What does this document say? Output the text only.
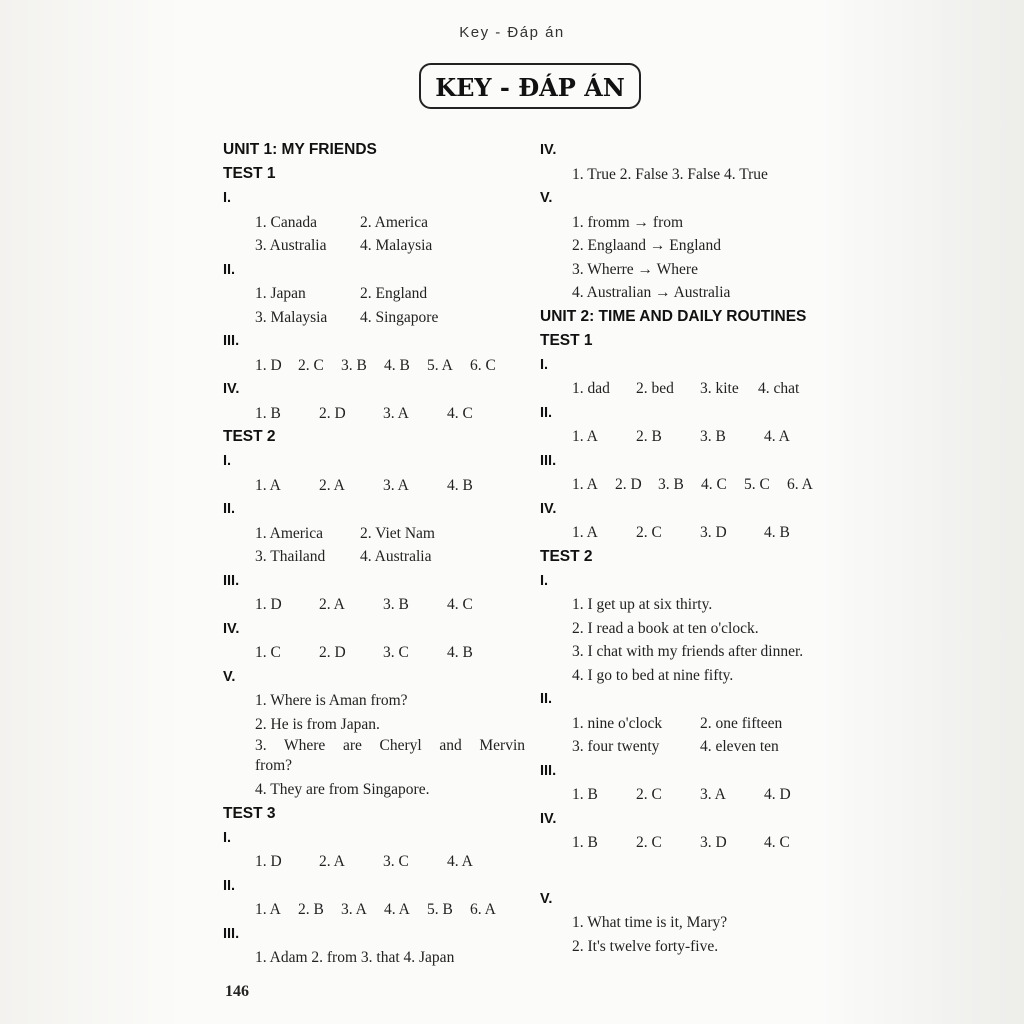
Key - Đáp án
KEY - ĐÁP ÁN
UNIT 1: MY FRIENDS
TEST 1
I.
1. Canada	2. America
3. Australia 4. Malaysia
II.
1. Japan	2. England
3. Malaysia 4. Singapore
III.
1. D 2. C 3. B 4. B 5. A 6. C
IV.
1. B 2. D 3. A 4. C
TEST 2
I.
1. A 2. A 3. A 4. B
II.
1. America 2. Viet Nam
3. Thailand 4. Australia
III.
1. D 2. A 3. B 4. C
IV.
1. C 2. D 3. C 4. B
V.
1. Where is Aman from?
2. He is from Japan.
3. Where are Cheryl and Mervin from?
4. They are from Singapore.
TEST 3
I.
1. D 2. A 3. C 4. A
II.
1. A 2. B 3. A 4. A 5. B 6. A
III.
1. Adam 2. from 3. that 4. Japan
IV.
1. True 2. False 3. False 4. True
V.
1. fromm → from
2. Englaand → England
3. Wherre → Where
4. Australian → Australia
UNIT 2: TIME AND DAILY ROUTINES
TEST 1
I.
1. dad 2. bed 3. kite 4. chat
II.
1. A 2. B 3. B 4. A
III.
1. A 2. D 3. B 4. C 5. C 6. A
IV.
1. A 2. C 3. D 4. B
TEST 2
I.
1. I get up at six thirty.
2. I read a book at ten o'clock.
3. I chat with my friends after dinner.
4. I go to bed at nine fifty.
II.
1. nine o'clock 2. one fifteen
3. four twenty	4. eleven ten
III.
1. B 2. C 3. A 4. D
IV.
1. B 2. C 3. D 4. C
V.
1. What time is it, Mary?
2. It's twelve forty-five.
146
